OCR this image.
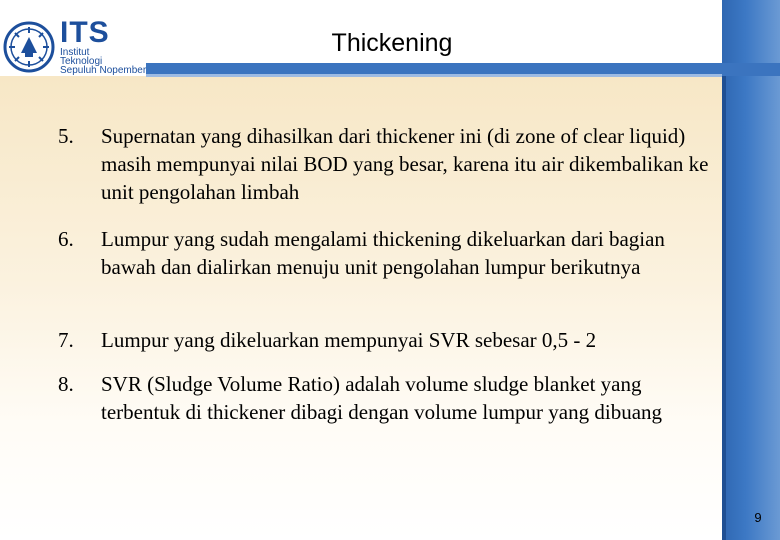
ITS
Institut
Teknologi
Sepuluh Nopember
Thickening
5.	Supernatan yang dihasilkan dari thickener ini (di zone of clear liquid) masih mempunyai nilai BOD yang besar, karena itu air dikembalikan ke unit pengolahan limbah
6.	Lumpur yang sudah mengalami thickening dikeluarkan dari bagian bawah dan dialirkan menuju unit pengolahan lumpur berikutnya
7.	Lumpur yang dikeluarkan mempunyai SVR sebesar 0,5 - 2
8.	SVR (Sludge Volume Ratio) adalah volume sludge blanket yang terbentuk di thickener dibagi dengan volume lumpur yang dibuang
9
